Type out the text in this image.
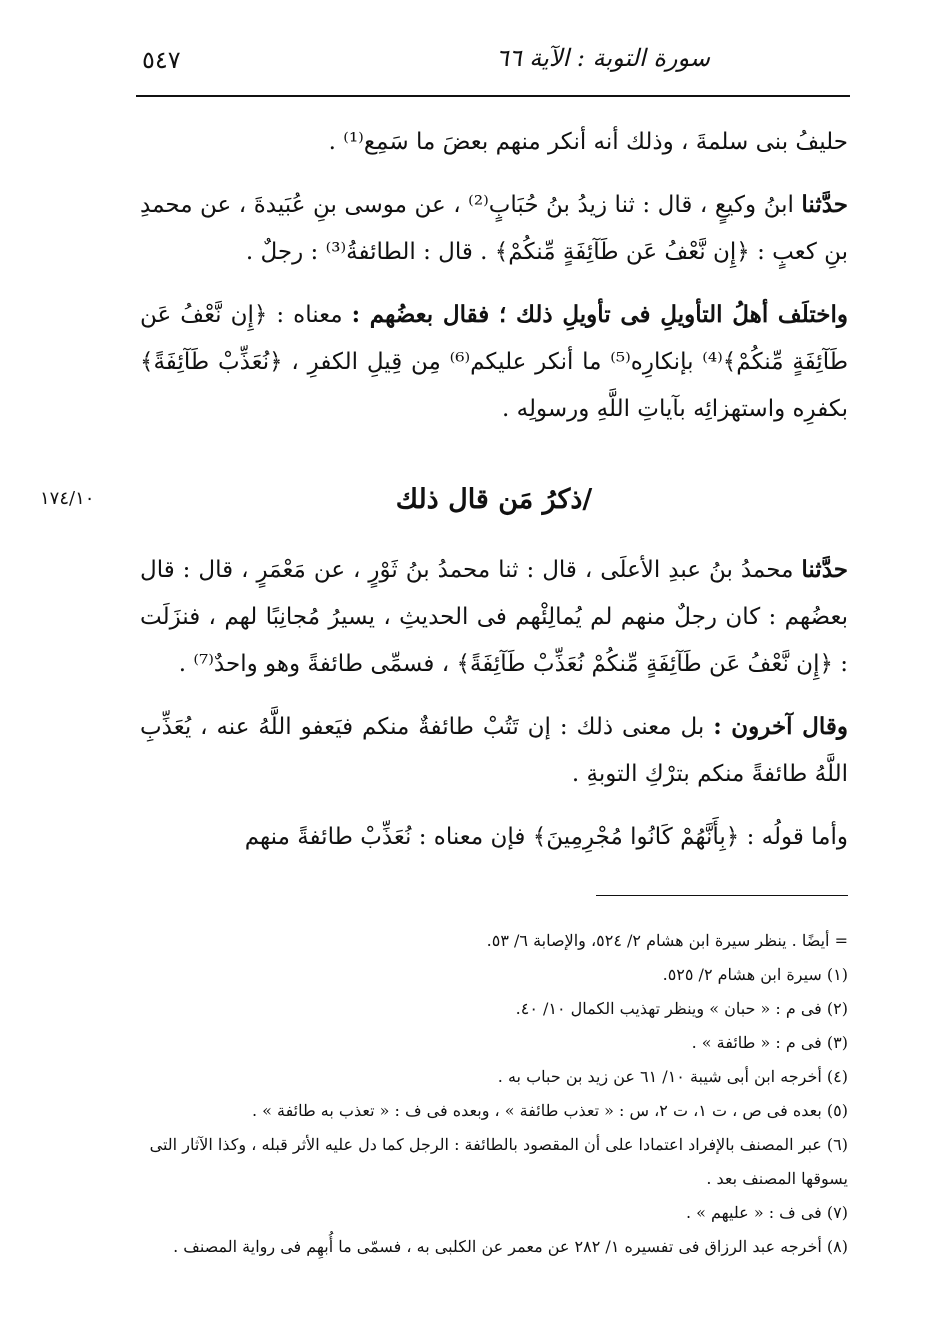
٥٤٧	سورة التوبة : الآية ٦٦

حليفُ بنى سلمةَ ، وذلك أنه أنكر منهم بعضَ ما سَمِع⁽¹⁾ .

حدَّثنا ابنُ وكيعٍ ، قال : ثنا زيدُ بنُ حُبَابٍ⁽²⁾ ، عن موسى بنِ عُبَيدةَ ، عن محمدِ بنِ كعبٍ : ﴿إِن نَّعْفُ عَن طَآئِفَةٍ مِّنكُمْ﴾ . قال : الطائفةُ⁽³⁾ : رجلٌ .

واختلَف أهلُ التأويلِ فى تأويلِ ذلك ؛ فقال بعضُهم : معناه : ﴿إِن نَّعْفُ عَن طَآئِفَةٍ مِّنكُمْ﴾⁽⁴⁾ بإنكارِه⁽⁵⁾ ما أنكر عليكم⁽⁶⁾ مِن قِيلِ الكفرِ ، ﴿نُعَذِّبْ طَآئِفَةً﴾ بكفرِه واستهزائِه بآياتِ اللَّهِ ورسولِه .

١٧٤/١٠	/ذكرُ مَن قال ذلك

حدَّثنا محمدُ بنُ عبدِ الأعلَى ، قال : ثنا محمدُ بنُ ثَوْرٍ ، عن مَعْمَرٍ ، قال : قال بعضُهم : كان رجلٌ منهم لم يُمالِئْهم فى الحديثِ ، يسيرُ مُجانِبًا لهم ، فنزَلَت : ﴿إِن نَّعْفُ عَن طَآئِفَةٍ مِّنكُمْ نُعَذِّبْ طَآئِفَةً﴾ ، فسمِّى طائفةً وهو واحدٌ⁽⁷⁾ .

وقال آخرون : بل معنى ذلك : إن تَتُبْ طائفةٌ منكم فيَعفو اللَّهُ عنه ، يُعَذِّبِ اللَّهُ طائفةً منكم بترْكِ التوبةِ .

وأما قولُه : ﴿بِأَنَّهُمْ كَانُوا مُجْرِمِينَ﴾ فإن معناه : نُعَذِّبْ طائفةً منهم

= أيضًا . ينظر سيرة ابن هشام ٢/ ٥٢٤، والإصابة ٦/ ٥٣.

(١) سيرة ابن هشام ٢/ ٥٢٥.

(٢) فى م : « حبان » وينظر تهذيب الكمال ١٠/ ٤٠.

(٣) فى م : « طائفة » .

(٤) أخرجه ابن أبى شيبة ١٠/ ٦١ عن زيد بن حباب به .

(٥) بعده فى ص ، ت ١، ت ٢، س : « تعذب طائفة » ، وبعده فى ف : « تعذب به طائفة » .

(٦) عبر المصنف بالإفراد اعتمادا على أن المقصود بالطائفة : الرجل كما دل عليه الأثر قبله ، وكذا الآثار التى يسوقها المصنف بعد .

(٧) فى ف : « عليهم » .

(٨) أخرجه عبد الرزاق فى تفسيره ١/ ٢٨٢ عن معمر عن الكلبى به ، فسمّى ما أُبهِم فى رواية المصنف .
